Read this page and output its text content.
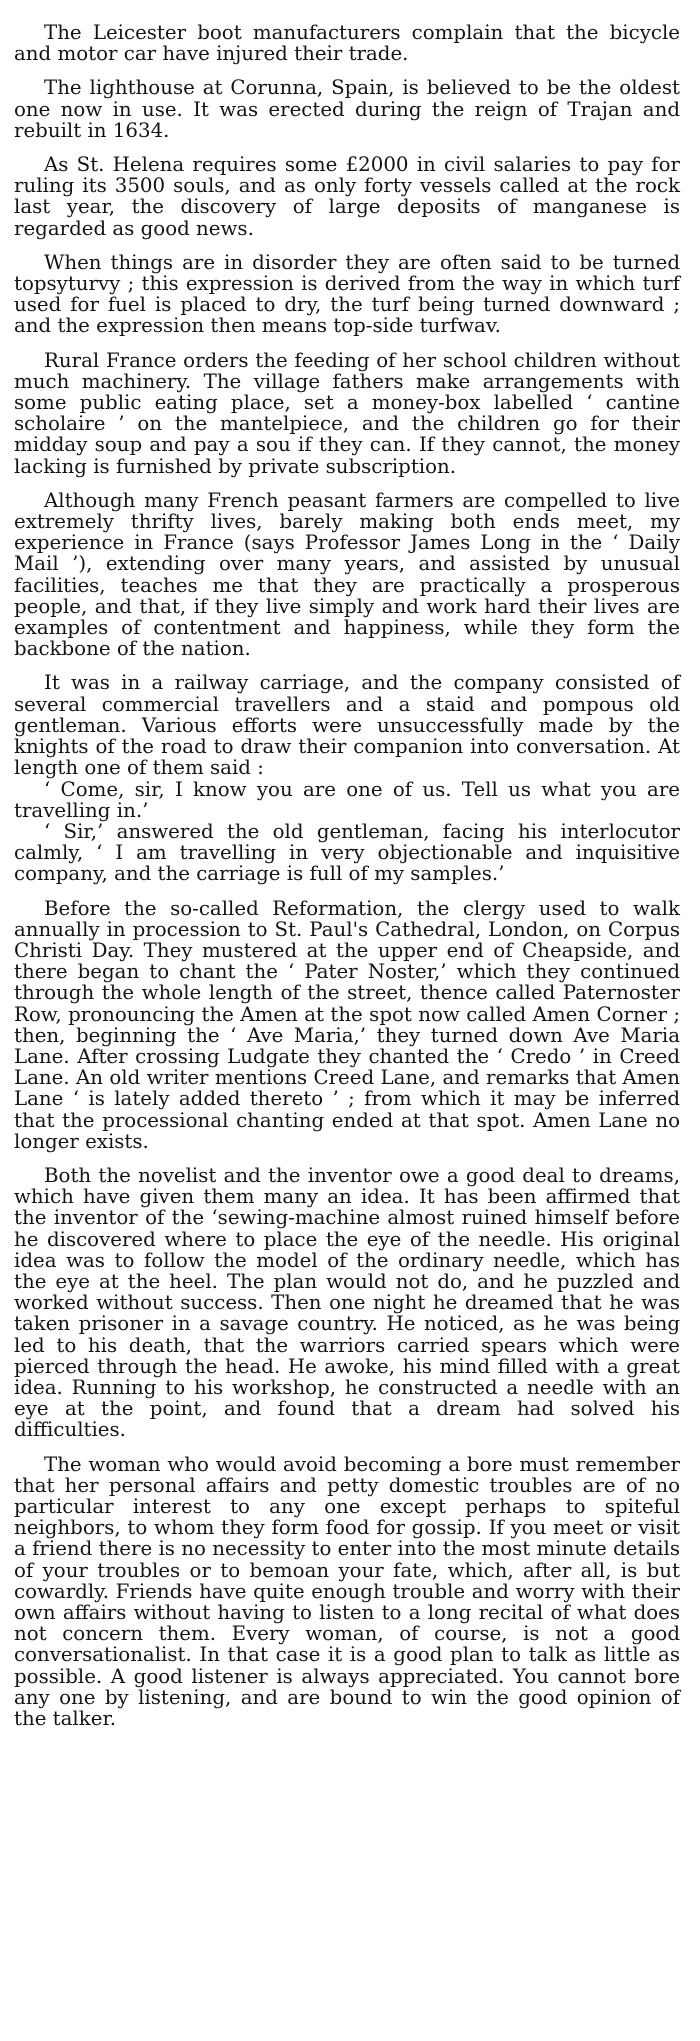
The Leicester boot manufacturers complain that the bicycle and motor car have injured their trade.

The lighthouse at Corunna, Spain, is believed to be the oldest one now in use. It was erected during the reign of Trajan and rebuilt in 1634.

As St. Helena requires some £2000 in civil salaries to pay for ruling its 3500 souls, and as only forty vessels called at the rock last year, the discovery of large deposits of manganese is regarded as good news.

When things are in disorder they are often said to be turned topsyturvy ; this expression is derived from the way in which turf used for fuel is placed to dry, the turf being turned downward ; and the expression then means top-side turfwav.

Rural France orders the feeding of her school children without much machinery. The village fathers make arrangements with some public eating place, set a money-box labelled ‘ cantine scholaire ’ on the mantelpiece, and the children go for their midday soup and pay a sou if they can. If they cannot, the money lacking is furnished by private subscription.

Although many French peasant farmers are compelled to live extremely thrifty lives, barely making both ends meet, my experience in France (says Professor James Long in the ‘ Daily Mail ’), extending over many years, and assisted by unusual facilities, teaches me that they are practically a prosperous people, and that, if they live simply and work hard their lives are examples of contentment and happiness, while they form the backbone of the nation.

It was in a railway carriage, and the company consisted of several commercial travellers and a staid and pompous old gentleman. Various efforts were unsuccessfully made by the knights of the road to draw their companion into conversation. At length one of them said :

‘ Come, sir, I know you are one of us. Tell us what you are travelling in.’

‘ Sir,’ answered the old gentleman, facing his interlocutor calmly, ‘ I am travelling in very objectionable and inquisitive company, and the carriage is full of my samples.’

Before the so-called Reformation, the clergy used to walk annually in procession to St. Paul's Cathedral, London, on Corpus Christi Day. They mustered at the upper end of Cheapside, and there began to chant the ‘ Pater Noster,’ which they continued through the whole length of the street, thence called Paternoster Row, pronouncing the Amen at the spot now called Amen Corner ; then, beginning the ‘ Ave Maria,’ they turned down Ave Maria Lane. After crossing Ludgate they chanted the ‘ Credo ’ in Creed Lane. An old writer mentions Creed Lane, and remarks that Amen Lane ‘ is lately added thereto ’ ; from which it may be inferred that the processional chanting ended at that spot. Amen Lane no longer exists.

Both the novelist and the inventor owe a good deal to dreams, which have given them many an idea. It has been affirmed that the inventor of the ‘sewing-machine almost ruined himself before he discovered where to place the eye of the needle. His original idea was to follow the model of the ordinary needle, which has the eye at the heel. The plan would not do, and he puzzled and worked without success. Then one night he dreamed that he was taken prisoner in a savage country. He noticed, as he was being led to his death, that the warriors carried spears which were pierced through the head. He awoke, his mind filled with a great idea. Running to his workshop, he constructed a needle with an eye at the point, and found that a dream had solved his difficulties.

The woman who would avoid becoming a bore must remember that her personal affairs and petty domestic troubles are of no particular interest to any one except perhaps to spiteful neighbors, to whom they form food for gossip. If you meet or visit a friend there is no necessity to enter into the most minute details of your troubles or to bemoan your fate, which, after all, is but cowardly. Friends have quite enough trouble and worry with their own affairs without having to listen to a long recital of what does not concern them. Every woman, of course, is not a good conversationalist. In that case it is a good plan to talk as little as possible. A good listener is always appreciated. You cannot bore any one by listening, and are bound to win the good opinion of the talker.
